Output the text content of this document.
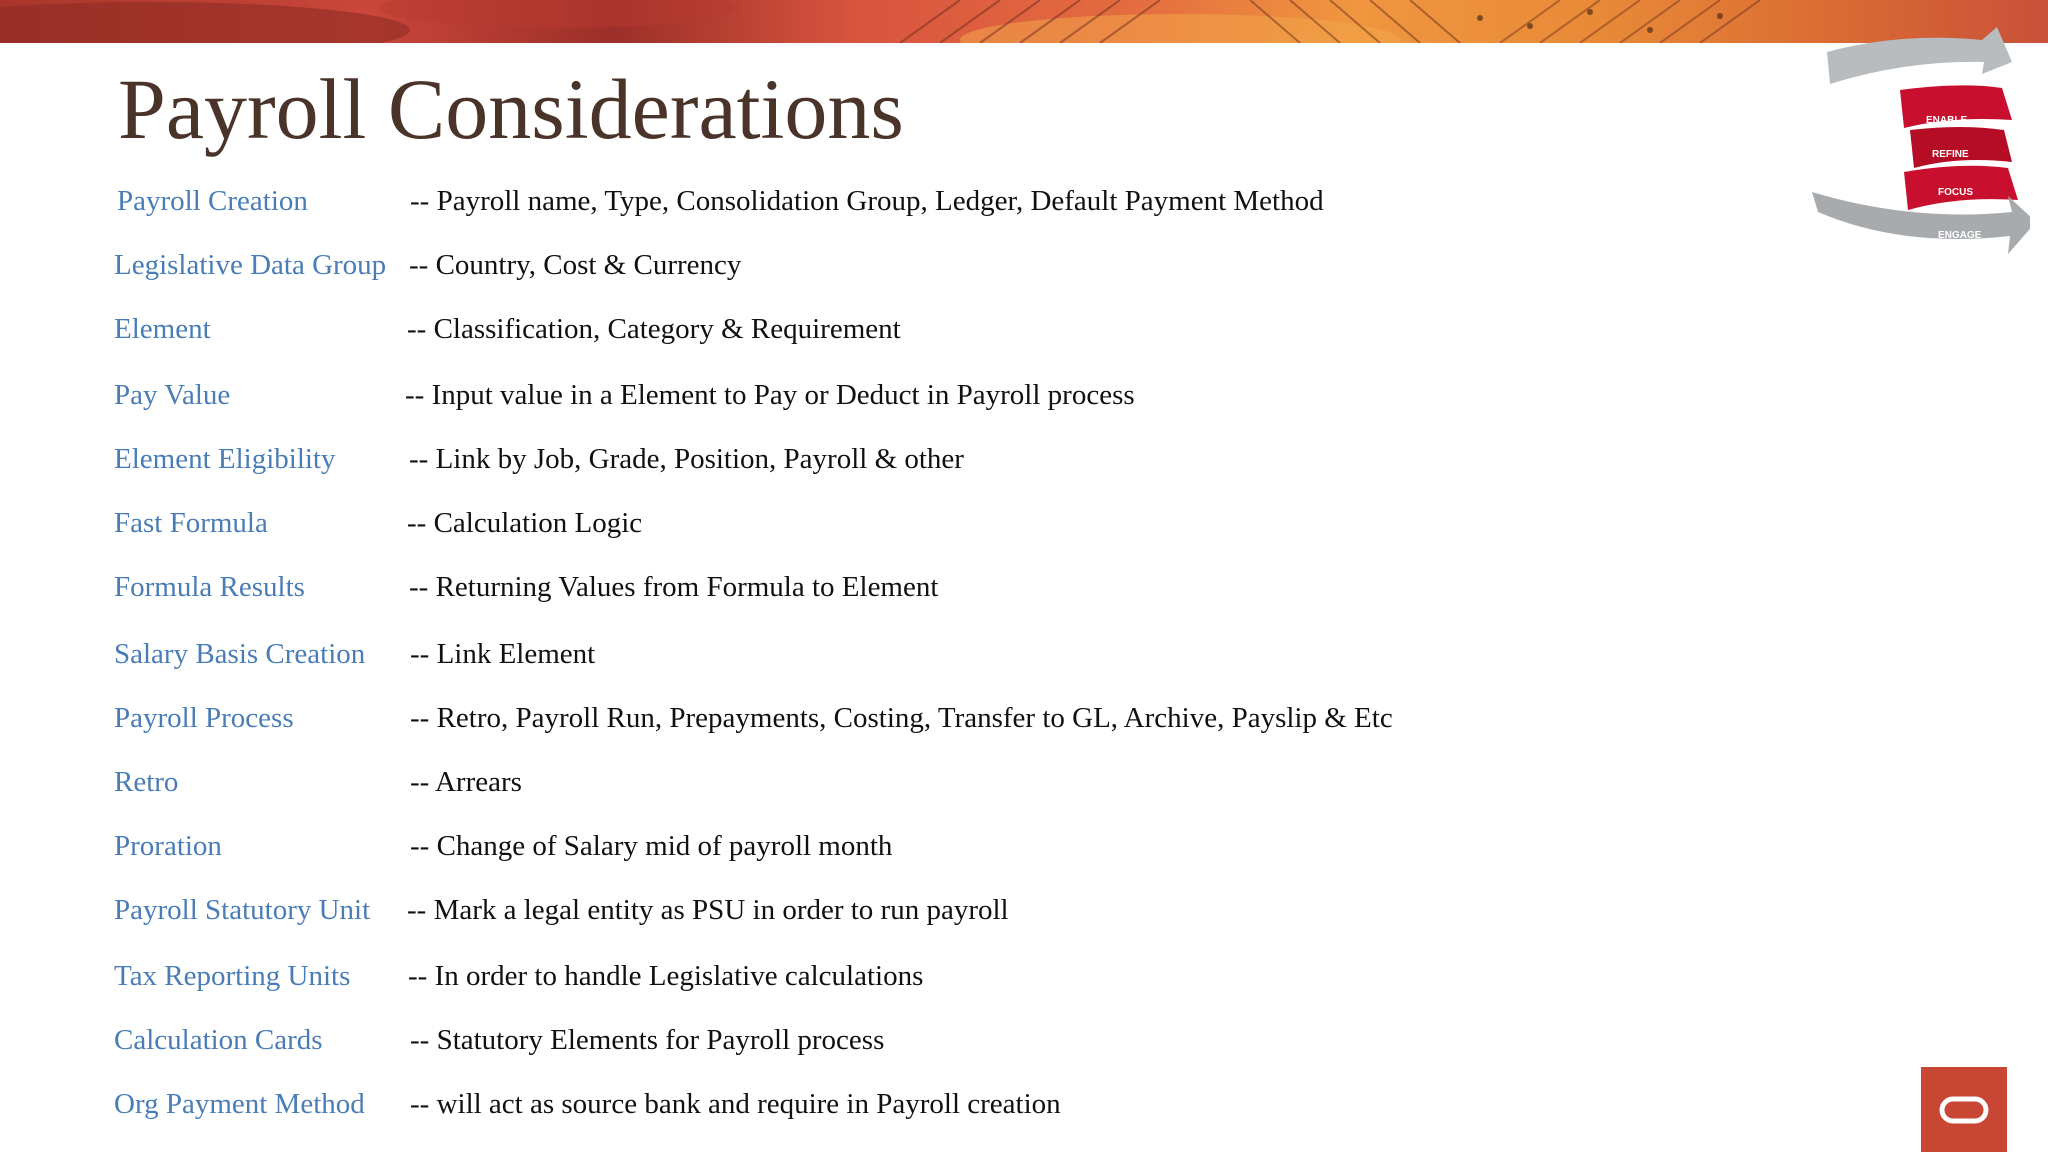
Payroll Considerations	LIVE-OPERATE
ENABLE
REFINE
FOCUS
ENGAGE
Payroll Creation	-- Payroll name, Type, Consolidation Group, Ledger, Default Payment Method
Legislative Data Group -- Country, Cost & Currency
Element	-- Classification, Category & Requirement
Pay Value	-- Input value in a Element to Pay or Deduct in Payroll process
Element Eligibility	-- Link by Job, Grade, Position, Payroll & other
Fast Formula	-- Calculation Logic
Formula Results	-- Returning Values from Formula to Element
Salary Basis Creation -- Link Element
Payroll Process	-- Retro, Payroll Run, Prepayments, Costing, Transfer to GL, Archive, Payslip & Etc
Retro	-- Arrears
Proration	-- Change of Salary mid of payroll month
Payroll Statutory Unit -- Mark a legal entity as PSU in order to run payroll
Tax Reporting Units -- In order to handle Legislative calculations
Calculation Cards	-- Statutory Elements for Payroll process
Org Payment Method -- will act as source bank and require in Payroll creation
